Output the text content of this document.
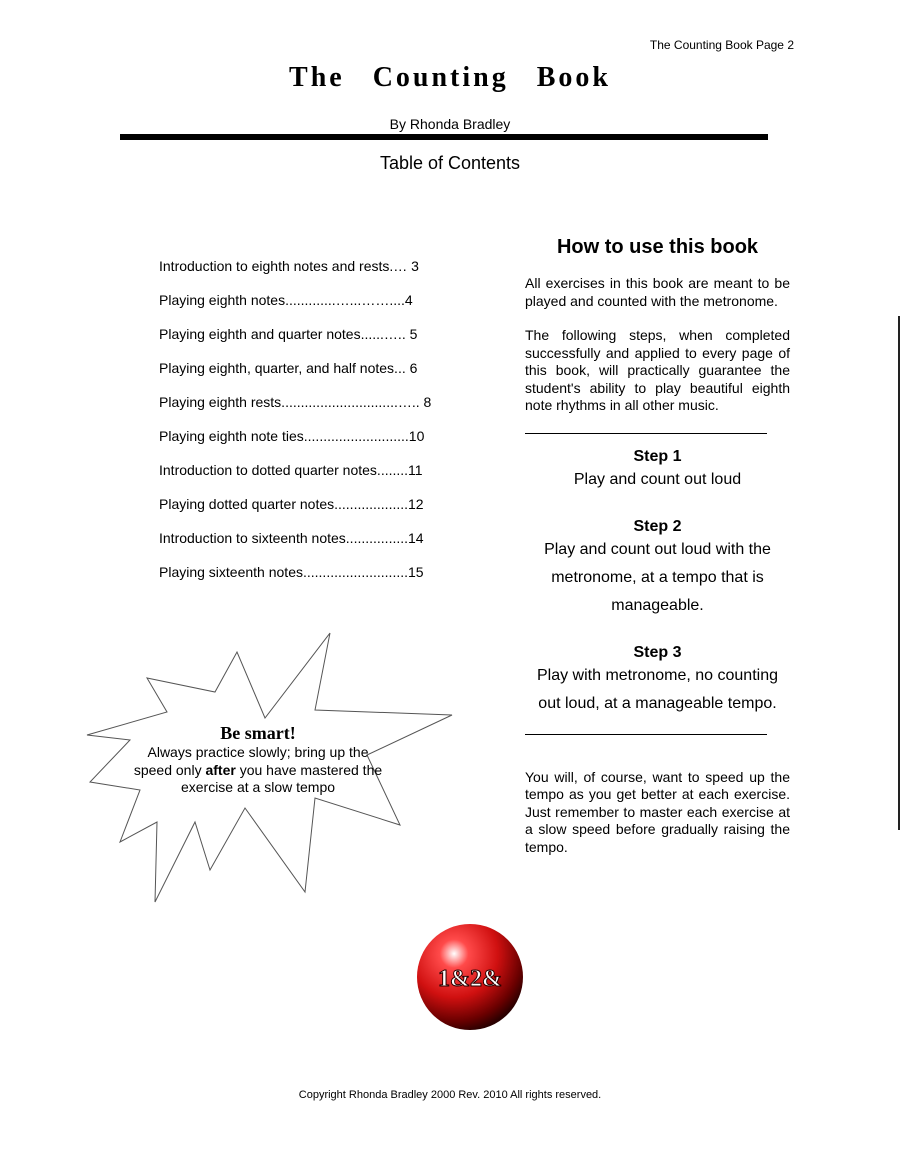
The Counting Book Page 2
The Counting Book
By Rhonda Bradley
Table of Contents
Introduction to eighth notes and rests.… 3
Playing eighth notes.............…...……....4
Playing eighth and quarter notes......….. 5
Playing eighth, quarter, and half notes... 6
Playing eighth rests..............................….. 8
Playing eighth note ties...........................10
Introduction to dotted quarter notes........11
Playing dotted quarter notes...................12
Introduction to sixteenth notes................14
Playing sixteenth notes...........................15
How to use this book

All exercises in this book are meant to be played and counted with the metronome.

The following steps, when completed successfully and applied to every page of this book, will practically guarantee the student's ability to play beautiful eighth note rhythms in all other music.

Step 1
Play and count out loud
Step 2
Play and count out loud with the metronome, at a tempo that is manageable.
Step 3
Play with metronome, no counting out loud, at a manageable tempo.

You will, of course, want to speed up the tempo as you get better at each exercise. Just remember to master each exercise at a slow speed before gradually raising the tempo.

Be smart!
Always practice slowly; bring up the speed only after you have mastered the exercise at a slow tempo
1&2&
Copyright Rhonda Bradley 2000 Rev. 2010 All rights reserved.
